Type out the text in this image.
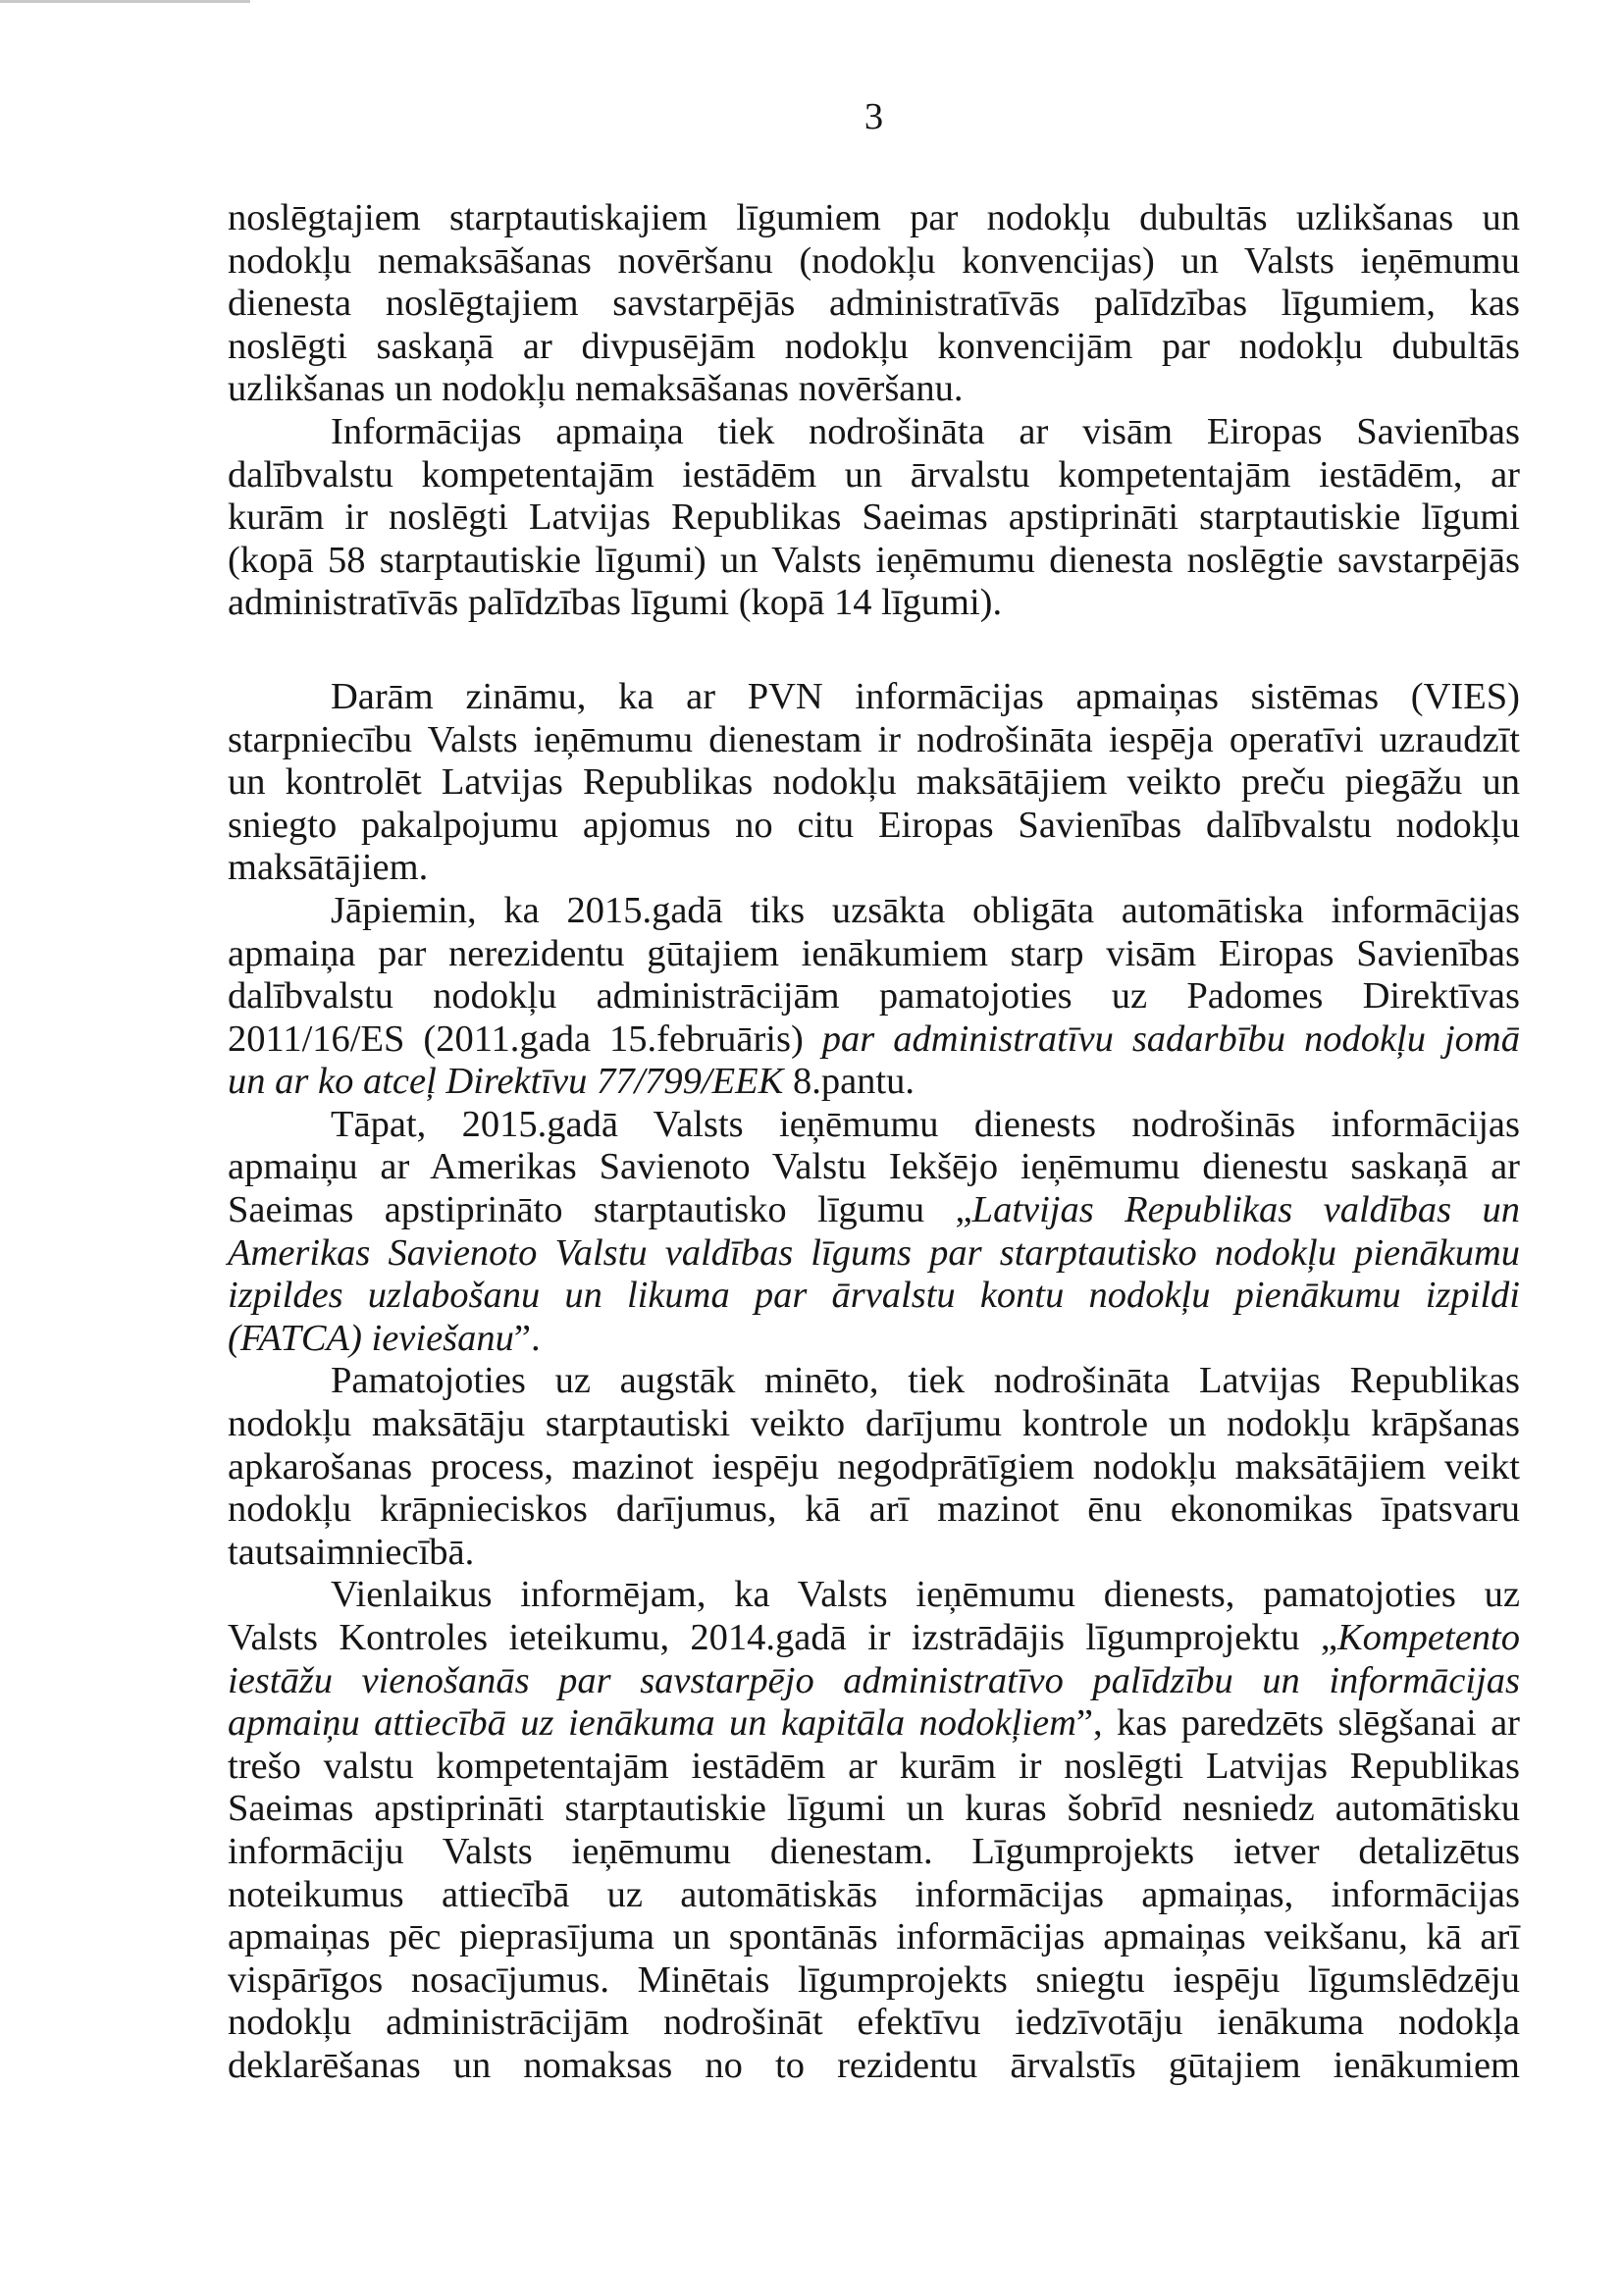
3
noslēgtajiem starptautiskajiem līgumiem par nodokļu dubultās uzlikšanas un
nodokļu nemaksāšanas novēršanu (nodokļu konvencijas) un Valsts ieņēmumu
dienesta noslēgtajiem savstarpējās administratīvās palīdzības līgumiem, kas
noslēgti saskaņā ar divpusējām nodokļu konvencijām par nodokļu dubultās
uzlikšanas un nodokļu nemaksāšanas novēršanu.
Informācijas apmaiņa tiek nodrošināta ar visām Eiropas Savienības
dalībvalstu kompetentajām iestādēm un ārvalstu kompetentajām iestādēm, ar
kurām ir noslēgti Latvijas Republikas Saeimas apstiprināti starptautiskie līgumi
(kopā 58 starptautiskie līgumi) un Valsts ieņēmumu dienesta noslēgtie savstarpējās
administratīvās palīdzības līgumi (kopā 14 līgumi).
Darām zināmu, ka ar PVN informācijas apmaiņas sistēmas (VIES)
starpniecību Valsts ieņēmumu dienestam ir nodrošināta iespēja operatīvi uzraudzīt
un kontrolēt Latvijas Republikas nodokļu maksātājiem veikto preču piegāžu un
sniegto pakalpojumu apjomus no citu Eiropas Savienības dalībvalstu nodokļu
maksātājiem.
Jāpiemin, ka 2015.gadā tiks uzsākta obligāta automātiska informācijas
apmaiņa par nerezidentu gūtajiem ienākumiem starp visām Eiropas Savienības
dalībvalstu nodokļu administrācijām pamatojoties uz Padomes Direktīvas
2011/16/ES (2011.gada 15.februāris) par administratīvu sadarbību nodokļu jomā
un ar ko atceļ Direktīvu 77/799/EEK 8.pantu.
Tāpat, 2015.gadā Valsts ieņēmumu dienests nodrošinās informācijas
apmaiņu ar Amerikas Savienoto Valstu Iekšējo ieņēmumu dienestu saskaņā ar
Saeimas apstiprināto starptautisko līgumu „Latvijas Republikas valdības un
Amerikas Savienoto Valstu valdības līgums par starptautisko nodokļu pienākumu
izpildes uzlabošanu un likuma par ārvalstu kontu nodokļu pienākumu izpildi
(FATCA) ieviešanu”.
Pamatojoties uz augstāk minēto, tiek nodrošināta Latvijas Republikas
nodokļu maksātāju starptautiski veikto darījumu kontrole un nodokļu krāpšanas
apkarošanas process, mazinot iespēju negodprātīgiem nodokļu maksātājiem veikt
nodokļu krāpnieciskos darījumus, kā arī mazinot ēnu ekonomikas īpatsvaru
tautsaimniecībā.
Vienlaikus informējam, ka Valsts ieņēmumu dienests, pamatojoties uz
Valsts Kontroles ieteikumu, 2014.gadā ir izstrādājis līgumprojektu „Kompetento
iestāžu vienošanās par savstarpējo administratīvo palīdzību un informācijas
apmaiņu attiecībā uz ienākuma un kapitāla nodokļiem”, kas paredzēts slēgšanai ar
trešo valstu kompetentajām iestādēm ar kurām ir noslēgti Latvijas Republikas
Saeimas apstiprināti starptautiskie līgumi un kuras šobrīd nesniedz automātisku
informāciju Valsts ieņēmumu dienestam. Līgumprojekts ietver detalizētus
noteikumus attiecībā uz automātiskās informācijas apmaiņas, informācijas
apmaiņas pēc pieprasījuma un spontānās informācijas apmaiņas veikšanu, kā arī
vispārīgos nosacījumus. Minētais līgumprojekts sniegtu iespēju līgumslēdzēju
nodokļu administrācijām nodrošināt efektīvu iedzīvotāju ienākuma nodokļa
deklarēšanas un nomaksas no to rezidentu ārvalstīs gūtajiem ienākumiem
